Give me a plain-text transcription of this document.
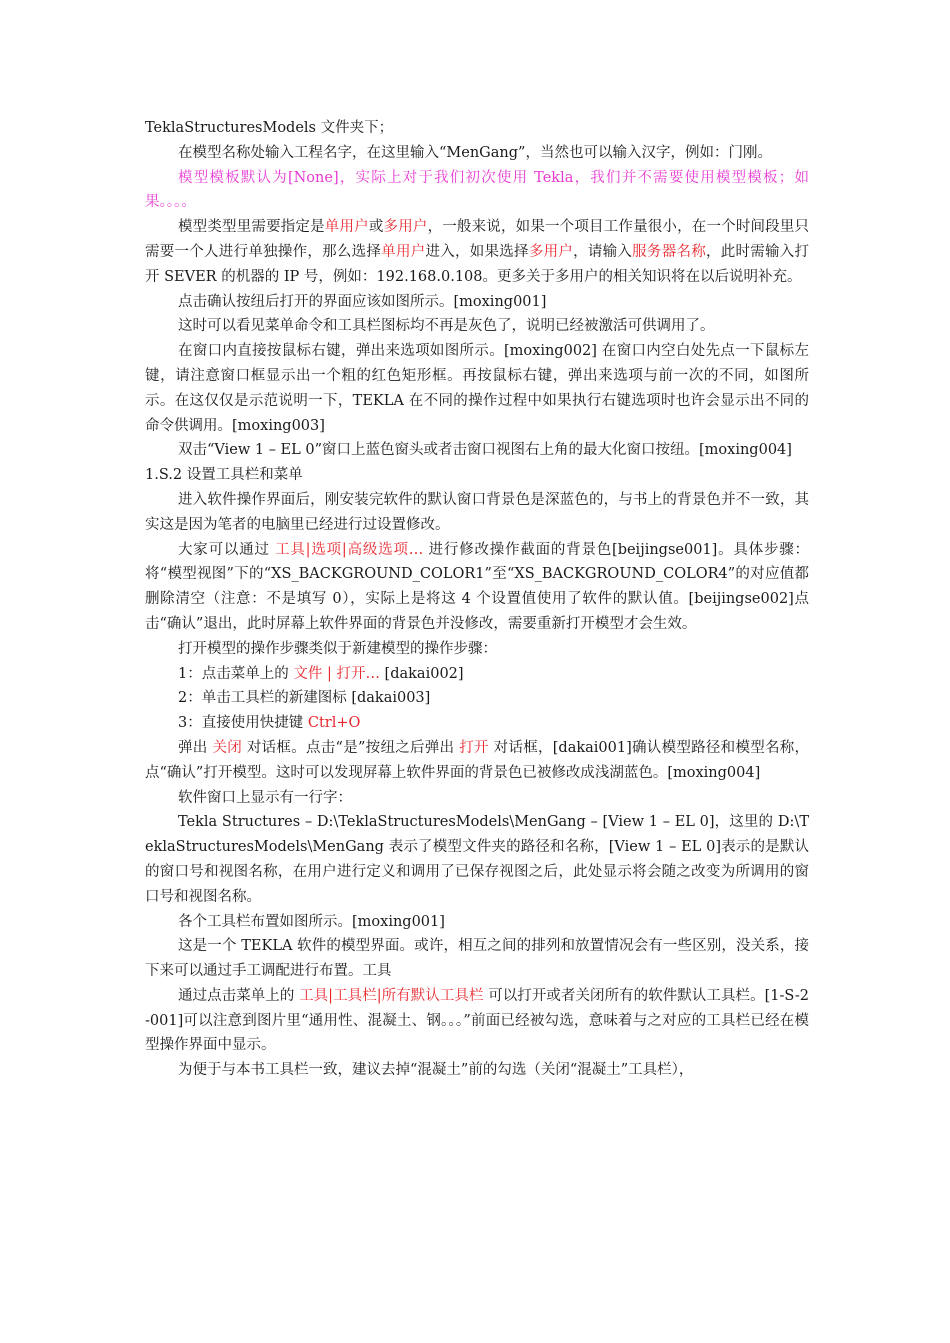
TeklaStructuresModels 文件夹下；

在模型名称处输入工程名字，在这里输入“MenGang”，当然也可以输入汉字，例如：门刚。

模型模板默认为[None]，实际上对于我们初次使用 Tekla，我们并不需要使用模型模板；如果。。。。

模型类型里需要指定是单用户或多用户，一般来说，如果一个项目工作量很小，在一个时间段里只需要一个人进行单独操作，那么选择单用户进入，如果选择多用户，请输入服务器名称，此时需输入打开 SEVER 的机器的 IP 号，例如：192.168.0.108。更多关于多用户的相关知识将在以后说明补充。

点击确认按纽后打开的界面应该如图所示。[moxing001]

这时可以看见菜单命令和工具栏图标均不再是灰色了，说明已经被激活可供调用了。

在窗口内直接按鼠标右键，弹出来选项如图所示。[moxing002] 在窗口内空白处先点一下鼠标左键，请注意窗口框显示出一个粗的红色矩形框。再按鼠标右键，弹出来选项与前一次的不同，如图所示。在这仅仅是示范说明一下，TEKLA 在不同的操作过程中如果执行右键选项时也许会显示出不同的命令供调用。[moxing003]

双击“View 1 – EL 0”窗口上蓝色窗头或者击窗口视图右上角的最大化窗口按纽。[moxing004]

1.S.2 设置工具栏和菜单

进入软件操作界面后，刚安装完软件的默认窗口背景色是深蓝色的，与书上的背景色并不一致，其实这是因为笔者的电脑里已经进行过设置修改。

大家可以通过 工具|选项|高级选项… 进行修改操作截面的背景色[beijingse001]。具体步骤：将“模型视图”下的“XS_BACKGROUND_COLOR1”至“XS_BACKGROUND_COLOR4”的对应值都删除清空（注意：不是填写 0），实际上是将这 4 个设置值使用了软件的默认值。[beijingse002]点击“确认”退出，此时屏幕上软件界面的背景色并没修改，需要重新打开模型才会生效。

打开模型的操作步骤类似于新建模型的操作步骤：

1：点击菜单上的 文件 | 打开… [dakai002]

2：单击工具栏的新建图标 [dakai003]

3：直接使用快捷键 Ctrl+O

弹出 关闭 对话框。点击“是”按纽之后弹出 打开 对话框，[dakai001]确认模型路径和模型名称，点“确认”打开模型。这时可以发现屏幕上软件界面的背景色已被修改成浅湖蓝色。[moxing004]

软件窗口上显示有一行字：

Tekla Structures – D:\TeklaStructuresModels\MenGang – [View 1 – EL 0]，这里的 D:\TeklaStructuresModels\MenGang 表示了模型文件夹的路径和名称，[View 1 – EL 0]表示的是默认的窗口号和视图名称，在用户进行定义和调用了已保存视图之后，此处显示将会随之改变为所调用的窗口号和视图名称。

各个工具栏布置如图所示。[moxing001]

这是一个 TEKLA 软件的模型界面。或许，相互之间的排列和放置情况会有一些区别，没关系，接下来可以通过手工调配进行布置。工具

通过点击菜单上的 工具|工具栏|所有默认工具栏 可以打开或者关闭所有的软件默认工具栏。[1-S-2-001]可以注意到图片里“通用性、混凝土、钢。。。”前面已经被勾选，意味着与之对应的工具栏已经在模型操作界面中显示。

为便于与本书工具栏一致，建议去掉“混凝土”前的勾选（关闭“混凝土”工具栏），
